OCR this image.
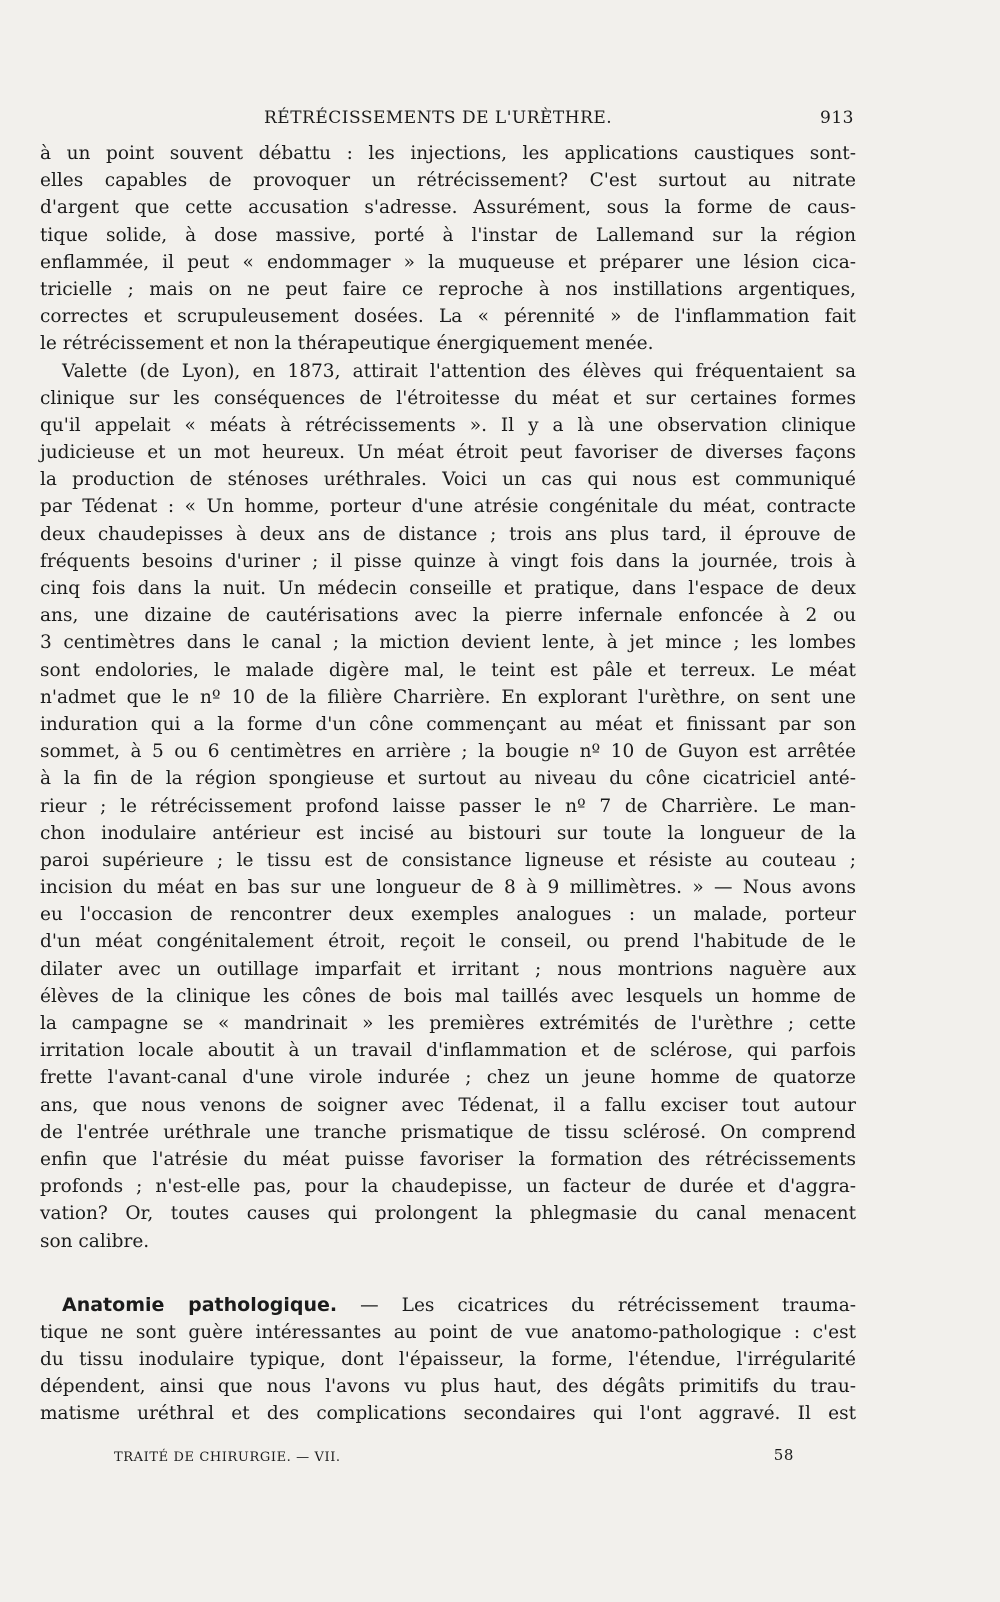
RÉTRÉCISSEMENTS DE L'URÈTHRE.	913
à un point souvent débattu : les injections, les applications caustiques sont-
elles capables de provoquer un rétrécissement? C'est surtout au nitrate
d'argent que cette accusation s'adresse. Assurément, sous la forme de caus-
tique solide, à dose massive, porté à l'instar de Lallemand sur la région
enflammée, il peut « endommager » la muqueuse et préparer une lésion cica-
tricielle ; mais on ne peut faire ce reproche à nos instillations argentiques,
correctes et scrupuleusement dosées. La « pérennité » de l'inflammation fait
le rétrécissement et non la thérapeutique énergiquement menée.
Valette (de Lyon), en 1873, attirait l'attention des élèves qui fréquentaient sa
clinique sur les conséquences de l'étroitesse du méat et sur certaines formes
qu'il appelait « méats à rétrécissements ». Il y a là une observation clinique
judicieuse et un mot heureux. Un méat étroit peut favoriser de diverses façons
la production de sténoses uréthrales. Voici un cas qui nous est communiqué
par Tédenat : « Un homme, porteur d'une atrésie congénitale du méat, contracte
deux chaudepisses à deux ans de distance ; trois ans plus tard, il éprouve de
fréquents besoins d'uriner ; il pisse quinze à vingt fois dans la journée, trois à
cinq fois dans la nuit. Un médecin conseille et pratique, dans l'espace de deux
ans, une dizaine de cautérisations avec la pierre infernale enfoncée à 2 ou
3 centimètres dans le canal ; la miction devient lente, à jet mince ; les lombes
sont endolories, le malade digère mal, le teint est pâle et terreux. Le méat
n'admet que le nº 10 de la filière Charrière. En explorant l'urèthre, on sent une
induration qui a la forme d'un cône commençant au méat et finissant par son
sommet, à 5 ou 6 centimètres en arrière ; la bougie nº 10 de Guyon est arrêtée
à la fin de la région spongieuse et surtout au niveau du cône cicatriciel anté-
rieur ; le rétrécissement profond laisse passer le nº 7 de Charrière. Le man-
chon inodulaire antérieur est incisé au bistouri sur toute la longueur de la
paroi supérieure ; le tissu est de consistance ligneuse et résiste au couteau ;
incision du méat en bas sur une longueur de 8 à 9 millimètres. » — Nous avons
eu l'occasion de rencontrer deux exemples analogues : un malade, porteur
d'un méat congénitalement étroit, reçoit le conseil, ou prend l'habitude de le
dilater avec un outillage imparfait et irritant ; nous montrions naguère aux
élèves de la clinique les cônes de bois mal taillés avec lesquels un homme de
la campagne se « mandrinait » les premières extrémités de l'urèthre ; cette
irritation locale aboutit à un travail d'inflammation et de sclérose, qui parfois
frette l'avant-canal d'une virole indurée ; chez un jeune homme de quatorze
ans, que nous venons de soigner avec Tédenat, il a fallu exciser tout autour
de l'entrée uréthrale une tranche prismatique de tissu sclérosé. On comprend
enfin que l'atrésie du méat puisse favoriser la formation des rétrécissements
profonds ; n'est-elle pas, pour la chaudepisse, un facteur de durée et d'aggra-
vation? Or, toutes causes qui prolongent la phlegmasie du canal menacent
son calibre.
Anatomie pathologique. — Les cicatrices du rétrécissement trauma-
tique ne sont guère intéressantes au point de vue anatomo-pathologique : c'est
du tissu inodulaire typique, dont l'épaisseur, la forme, l'étendue, l'irrégularité
dépendent, ainsi que nous l'avons vu plus haut, des dégâts primitifs du trau-
matisme uréthral et des complications secondaires qui l'ont aggravé. Il est
TRAITÉ DE CHIRURGIE. — VII.	58
